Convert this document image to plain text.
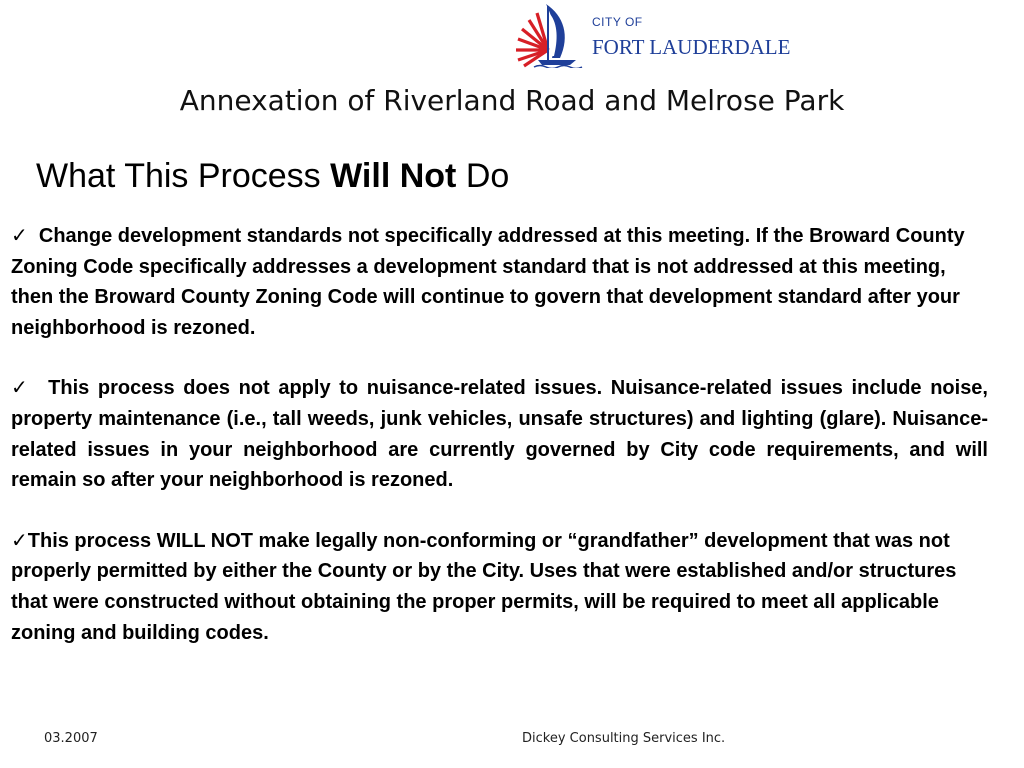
CITY OF
FORT LAUDERDALE
Annexation of Riverland Road and Melrose Park
What This Process Will Not Do

✓ Change development standards not specifically addressed at this meeting. If the Broward County Zoning Code specifically addresses a development standard that is not addressed at this meeting, then the Broward County Zoning Code will continue to govern that development standard after your neighborhood is rezoned.

✓ This process does not apply to nuisance-related issues. Nuisance-related issues include noise, property maintenance (i.e., tall weeds, junk vehicles, unsafe structures) and lighting (glare). Nuisance-related issues in your neighborhood are currently governed by City code requirements, and will remain so after your neighborhood is rezoned.

✓This process WILL NOT make legally non-conforming or “grandfather” development that was not properly permitted by either the County or by the City. Uses that were established and/or structures that were constructed without obtaining the proper permits, will be required to meet all applicable zoning and building codes.

03.2007	Dickey Consulting Services Inc.
